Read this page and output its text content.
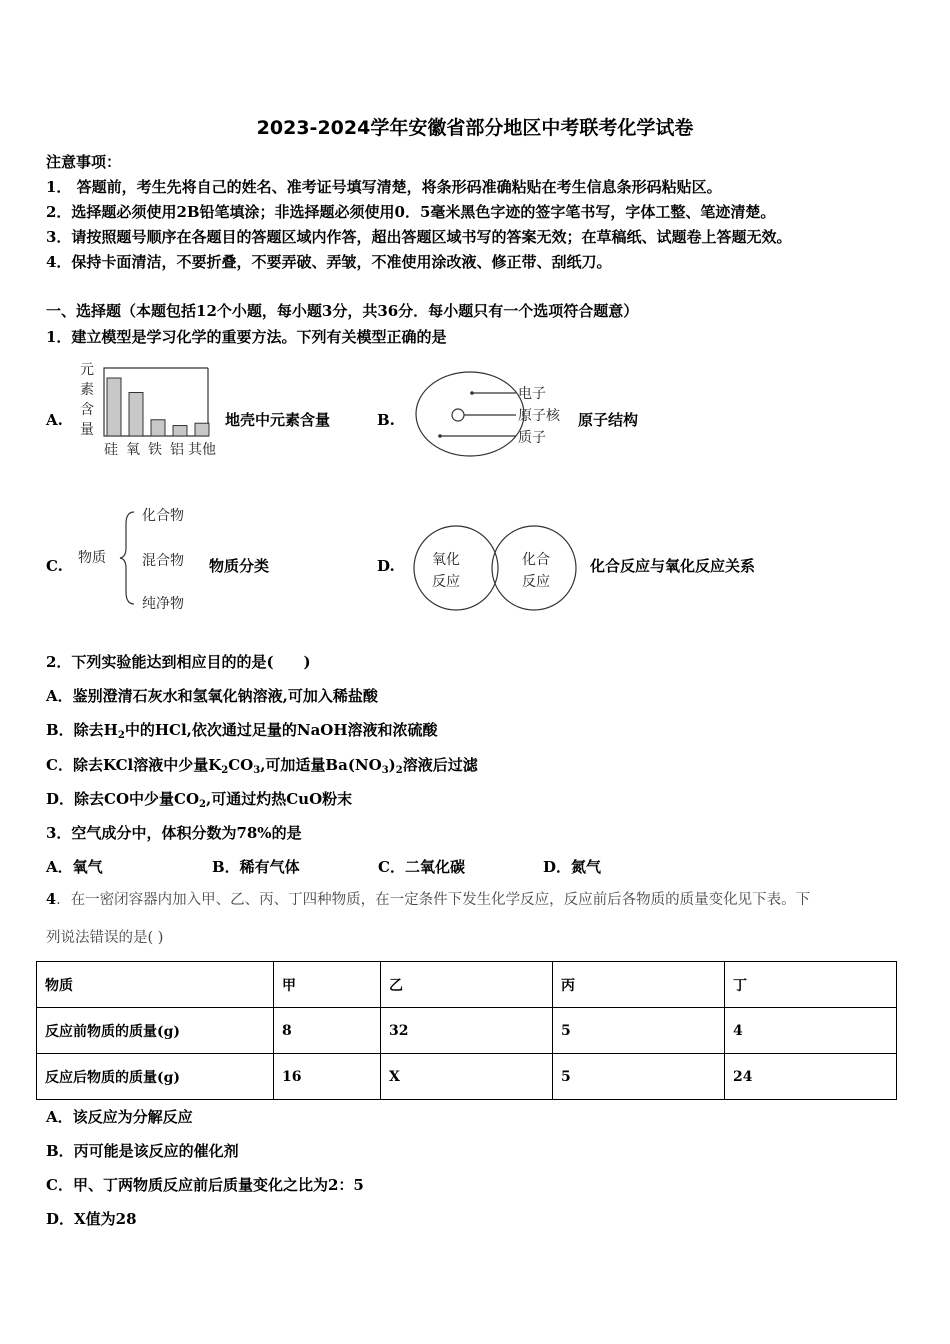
2023-2024学年安徽省部分地区中考联考化学试卷
注意事项：
1． 答题前，考生先将自己的姓名、准考证号填写清楚，将条形码准确粘贴在考生信息条形码粘贴区。
2．选择题必须使用2B铅笔填涂；非选择题必须使用0．5毫米黑色字迹的签字笔书写，字体工整、笔迹清楚。
3．请按照题号顺序在各题目的答题区域内作答，超出答题区域书写的答案无效；在草稿纸、试题卷上答题无效。
4．保持卡面清洁，不要折叠，不要弄破、弄皱，不准使用涂改液、修正带、刮纸刀。
一、选择题（本题包括12个小题，每小题3分，共36分．每小题只有一个选项符合题意）
1．建立模型是学习化学的重要方法。下列有关模型正确的是
A.
元
素
含
量
硅 氧 铁 铝 其他
地壳中元素含量	B.
电子
原子核
质子
原子结构
C. 物质
化合物
混合物
纯净物
物质分类	D.	氧化
反应
化合
反应
化合反应与氧化反应关系
2．下列实验能达到相应目的的是(　　)
A．鉴别澄清石灰水和氢氧化钠溶液,可加入稀盐酸
B．除去$H_2$中的HCl,依次通过足量的NaOH溶液和浓硫酸
C．除去KCl溶液中少量$K_2CO_3$,可加适量$Ba(NO_3)_2$溶液后过滤
D．除去CO中少量$CO_2$,可通过灼热CuO粉末
3．空气成分中，体积分数为78%的是
A．氧气	B．稀有气体	C．二氧化碳	D．氮气
4．在一密闭容器内加入甲、乙、丙、丁四种物质，在一定条件下发生化学反应，反应前后各物质的质量变化见下表。下
列说法错误的是( )
物质	甲	乙	丙	丁
反应前物质的质量(g)	8	32	5	4
反应后物质的质量(g)	16	X	5	24
A．该反应为分解反应
B．丙可能是该反应的催化剂
C．甲、丁两物质反应前后质量变化之比为2：5
D．X值为28
